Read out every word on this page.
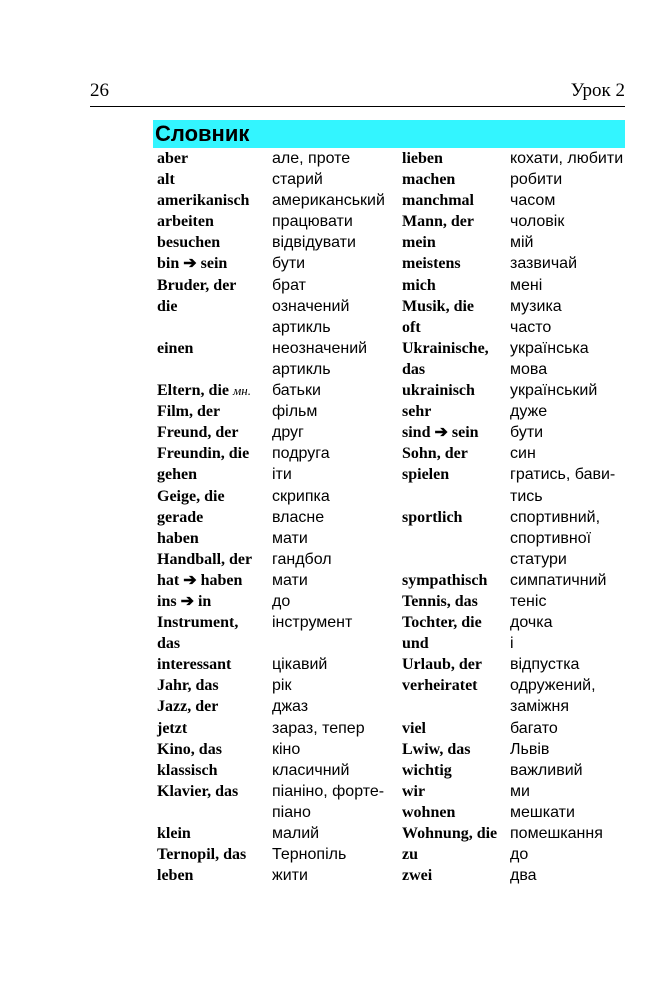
26	Урок 2
Словник
aber	але, проте	lieben	кохати, любити
alt	старий	machen	робити
amerikanisch	американський	manchmal	часом
arbeiten	працювати	Mann, der	чоловік
besuchen	відвідувати	mein	мій
bin ➔ sein	бути	meistens	зазвичай
Bruder, der	брат	mich	мені
die	означений	Musik, die	музика
	артикль	oft	часто
einen	неозначений	Ukrainische,	українська
	артикль	das	мова
Eltern, die мн.	батьки	ukrainisch	український
Film, der	фільм	sehr	дуже
Freund, der	друг	sind ➔ sein	бути
Freundin, die	подруга	Sohn, der	син
gehen	іти	spielen	гратись, бави-
Geige, die	скрипка		тись
gerade	власне	sportlich	спортивний,
haben	мати		спортивної
Handball, der	гандбол		статури
hat ➔ haben	мати	sympathisch	симпатичний
ins ➔ in	до	Tennis, das	теніс
Instrument,	інструмент	Tochter, die	дочка
das		und	і
interessant	цікавий	Urlaub, der	відпустка
Jahr, das	рік	verheiratet	одружений,
Jazz, der	джаз		заміжня
jetzt	зараз, тепер	viel	багато
Kino, das	кіно	Lwiw, das	Львів
klassisch	класичний	wichtig	важливий
Klavier, das	піаніно, форте-	wir	ми
	піано	wohnen	мешкати
klein	малий	Wohnung, die	помешкання
Ternopil, das	Тернопіль	zu	до
leben	жити	zwei	два
